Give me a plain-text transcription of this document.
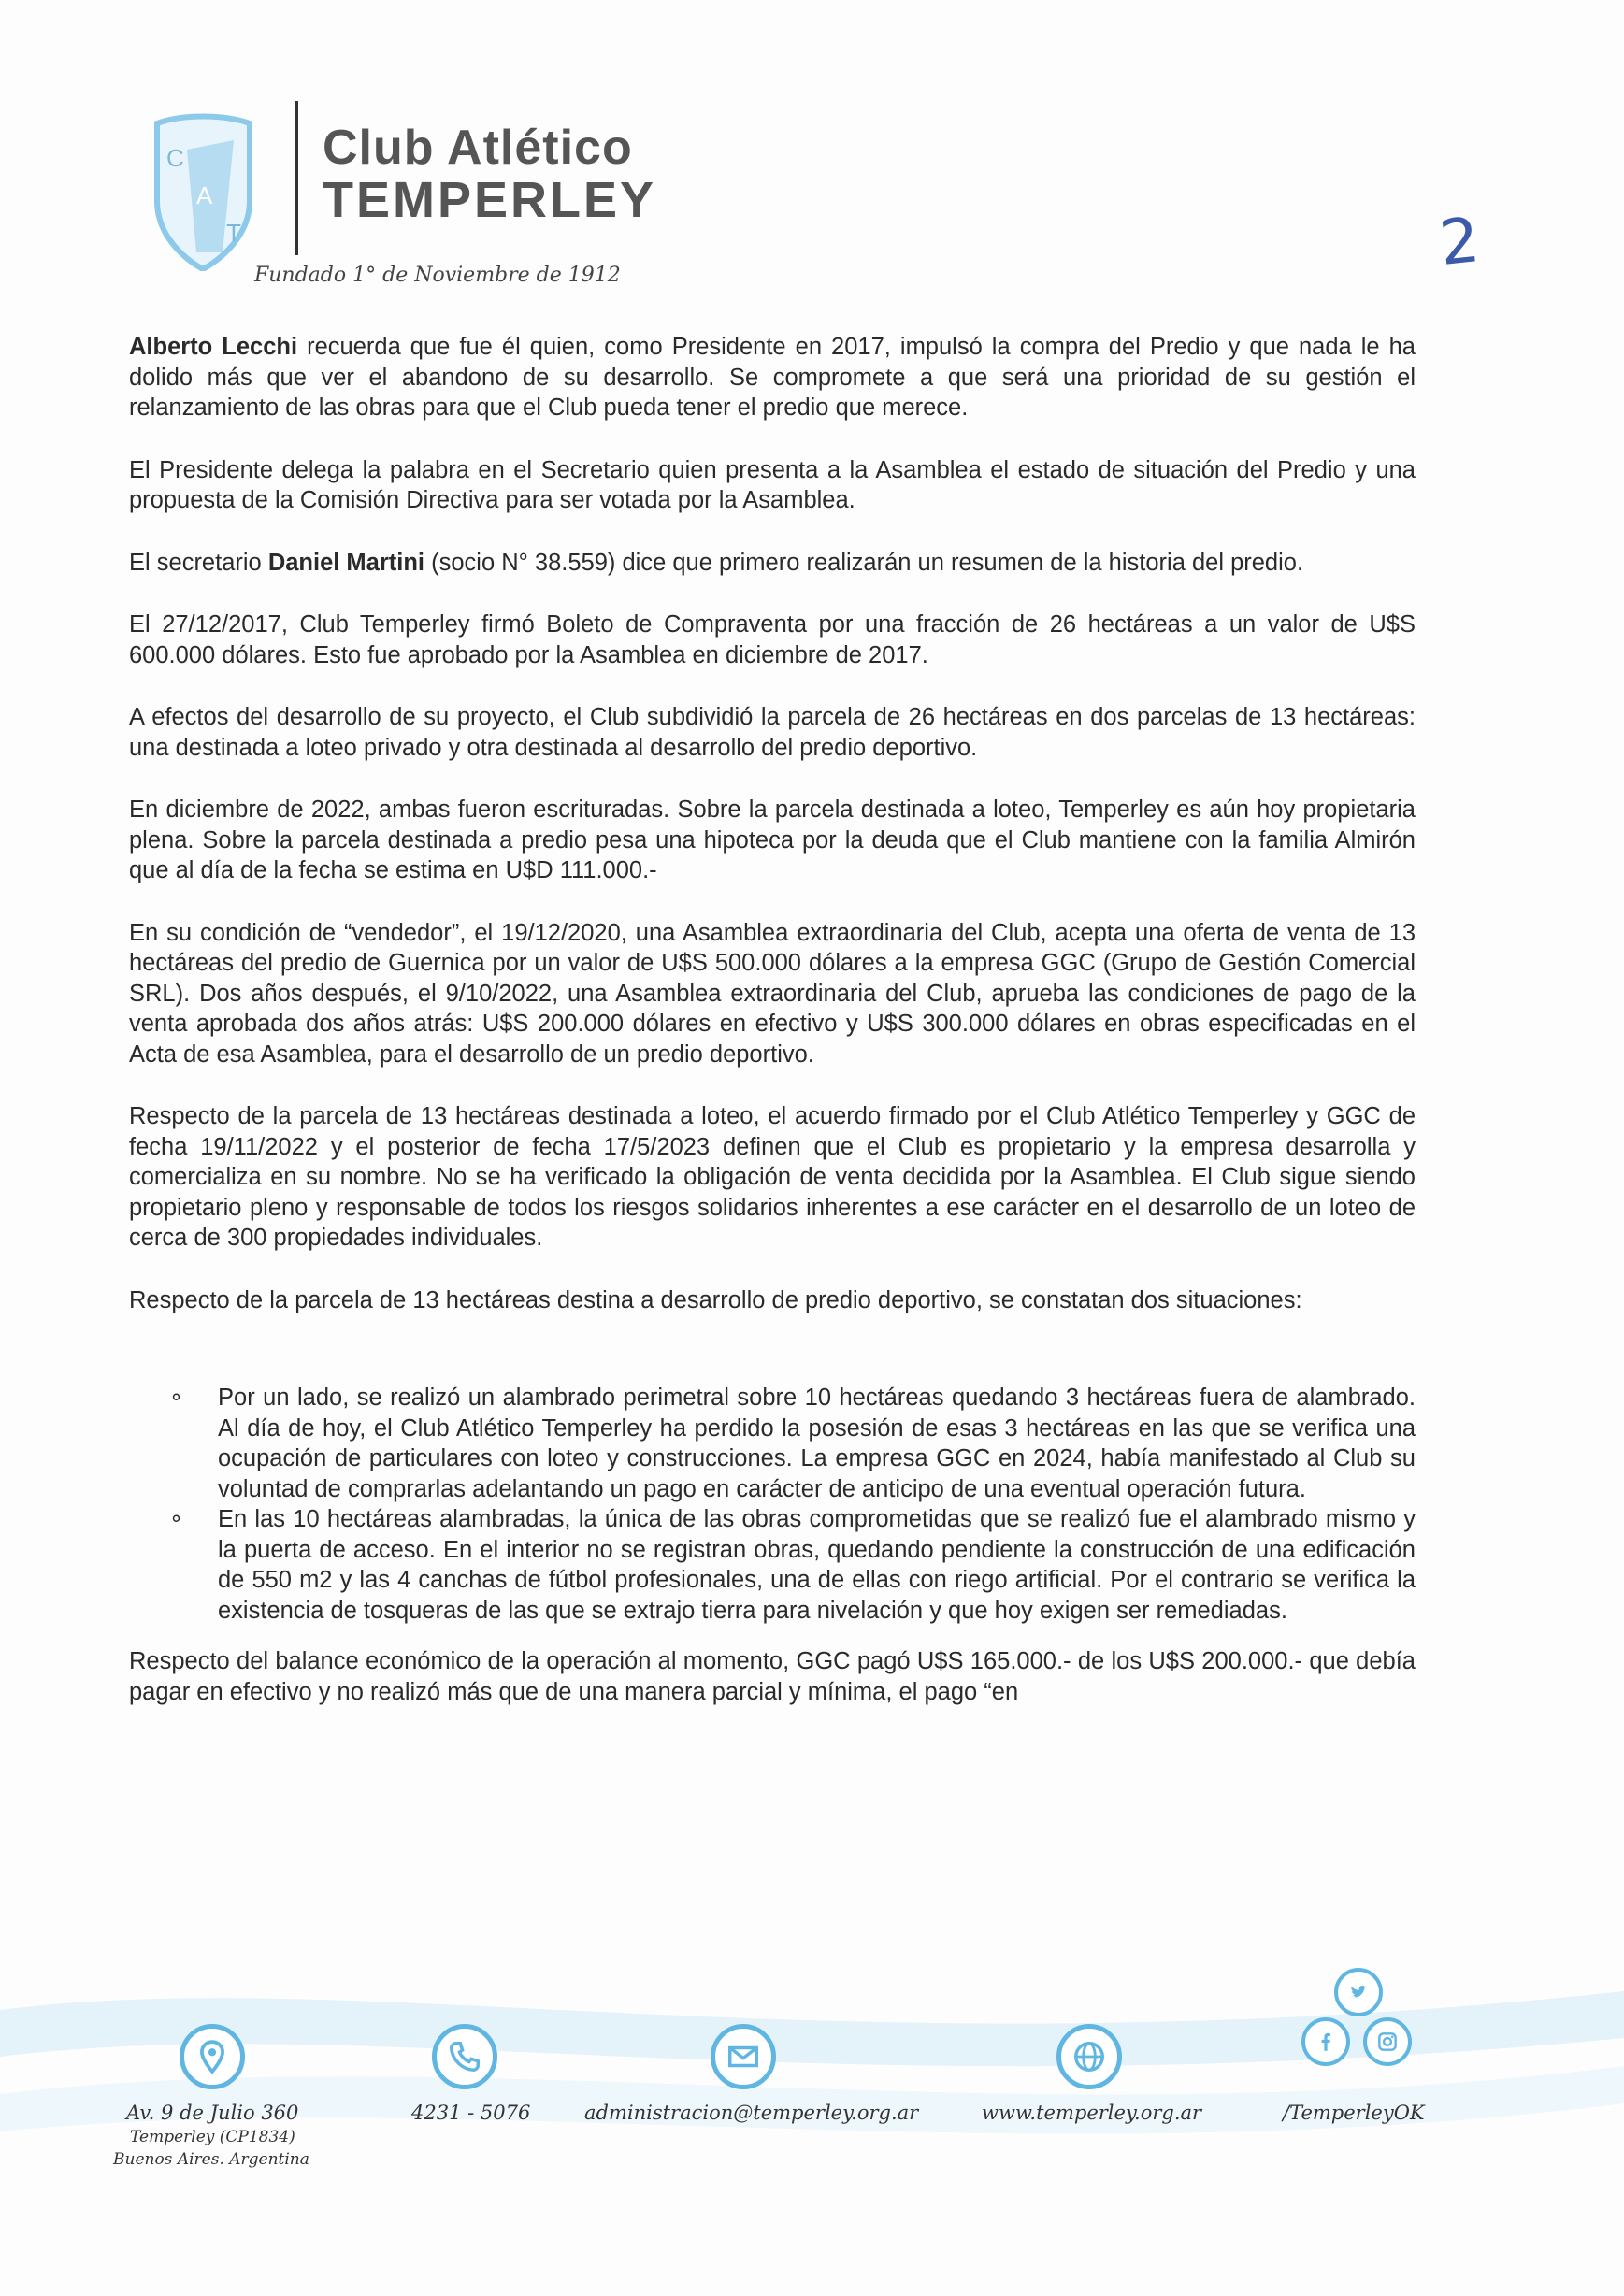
C
A
T
Club Atlético
TEMPERLEY
Fundado 1° de Noviembre de 1912	2

Alberto Lecchi recuerda que fue él quien, como Presidente en 2017, impulsó la compra del Predio y que nada le ha dolido más que ver el abandono de su desarrollo. Se compromete a que será una prioridad de su gestión el relanzamiento de las obras para que el Club pueda tener el predio que merece.

El Presidente delega la palabra en el Secretario quien presenta a la Asamblea el estado de situación del Predio y una propuesta de la Comisión Directiva para ser votada por la Asamblea.

El secretario Daniel Martini (socio N° 38.559) dice que primero realizarán un resumen de la historia del predio.

El 27/12/2017, Club Temperley firmó Boleto de Compraventa por una fracción de 26 hectáreas a un valor de U$S 600.000 dólares. Esto fue aprobado por la Asamblea en diciembre de 2017.

A efectos del desarrollo de su proyecto, el Club subdividió la parcela de 26 hectáreas en dos parcelas de 13 hectáreas: una destinada a loteo privado y otra destinada al desarrollo del predio deportivo.

En diciembre de 2022, ambas fueron escrituradas. Sobre la parcela destinada a loteo, Temperley es aún hoy propietaria plena. Sobre la parcela destinada a predio pesa una hipoteca por la deuda que el Club mantiene con la familia Almirón que al día de la fecha se estima en U$D 111.000.-

En su condición de “vendedor”, el 19/12/2020, una Asamblea extraordinaria del Club, acepta una oferta de venta de 13 hectáreas del predio de Guernica por un valor de U$S 500.000 dólares a la empresa GGC (Grupo de Gestión Comercial SRL). Dos años después, el 9/10/2022, una Asamblea extraordinaria del Club, aprueba las condiciones de pago de la venta aprobada dos años atrás: U$S 200.000 dólares en efectivo y U$S 300.000 dólares en obras especificadas en el Acta de esa Asamblea, para el desarrollo de un predio deportivo.

Respecto de la parcela de 13 hectáreas destinada a loteo, el acuerdo firmado por el Club Atlético Temperley y GGC de fecha 19/11/2022 y el posterior de fecha 17/5/2023 definen que el Club es propietario y la empresa desarrolla y comercializa en su nombre. No se ha verificado la obligación de venta decidida por la Asamblea. El Club sigue siendo propietario pleno y responsable de todos los riesgos solidarios inherentes a ese carácter en el desarrollo de un loteo de cerca de 300 propiedades individuales.

Respecto de la parcela de 13 hectáreas destina a desarrollo de predio deportivo, se constatan dos situaciones:

∘ Por un lado, se realizó un alambrado perimetral sobre 10 hectáreas quedando 3 hectáreas fuera de alambrado. Al día de hoy, el Club Atlético Temperley ha perdido la posesión de esas 3 hectáreas en las que se verifica una ocupación de particulares con loteo y construcciones. La empresa GGC en 2024, había manifestado al Club su voluntad de comprarlas adelantando un pago en carácter de anticipo de una eventual operación futura.
∘ En las 10 hectáreas alambradas, la única de las obras comprometidas que se realizó fue el alambrado mismo y la puerta de acceso. En el interior no se registran obras, quedando pendiente la construcción de una edificación de 550 m2 y las 4 canchas de fútbol profesionales, una de ellas con riego artificial. Por el contrario se verifica la existencia de tosqueras de las que se extrajo tierra para nivelación y que hoy exigen ser remediadas.

Respecto del balance económico de la operación al momento, GGC pagó U$S 165.000.- de los U$S 200.000.- que debía pagar en efectivo y no realizó más que de una manera parcial y mínima, el pago “en

Av. 9 de Julio 360
Temperley (CP1834)
Buenos Aires. Argentina
4231 - 5076	administracion@temperley.org.ar	www.temperley.org.ar	/TemperleyOK
